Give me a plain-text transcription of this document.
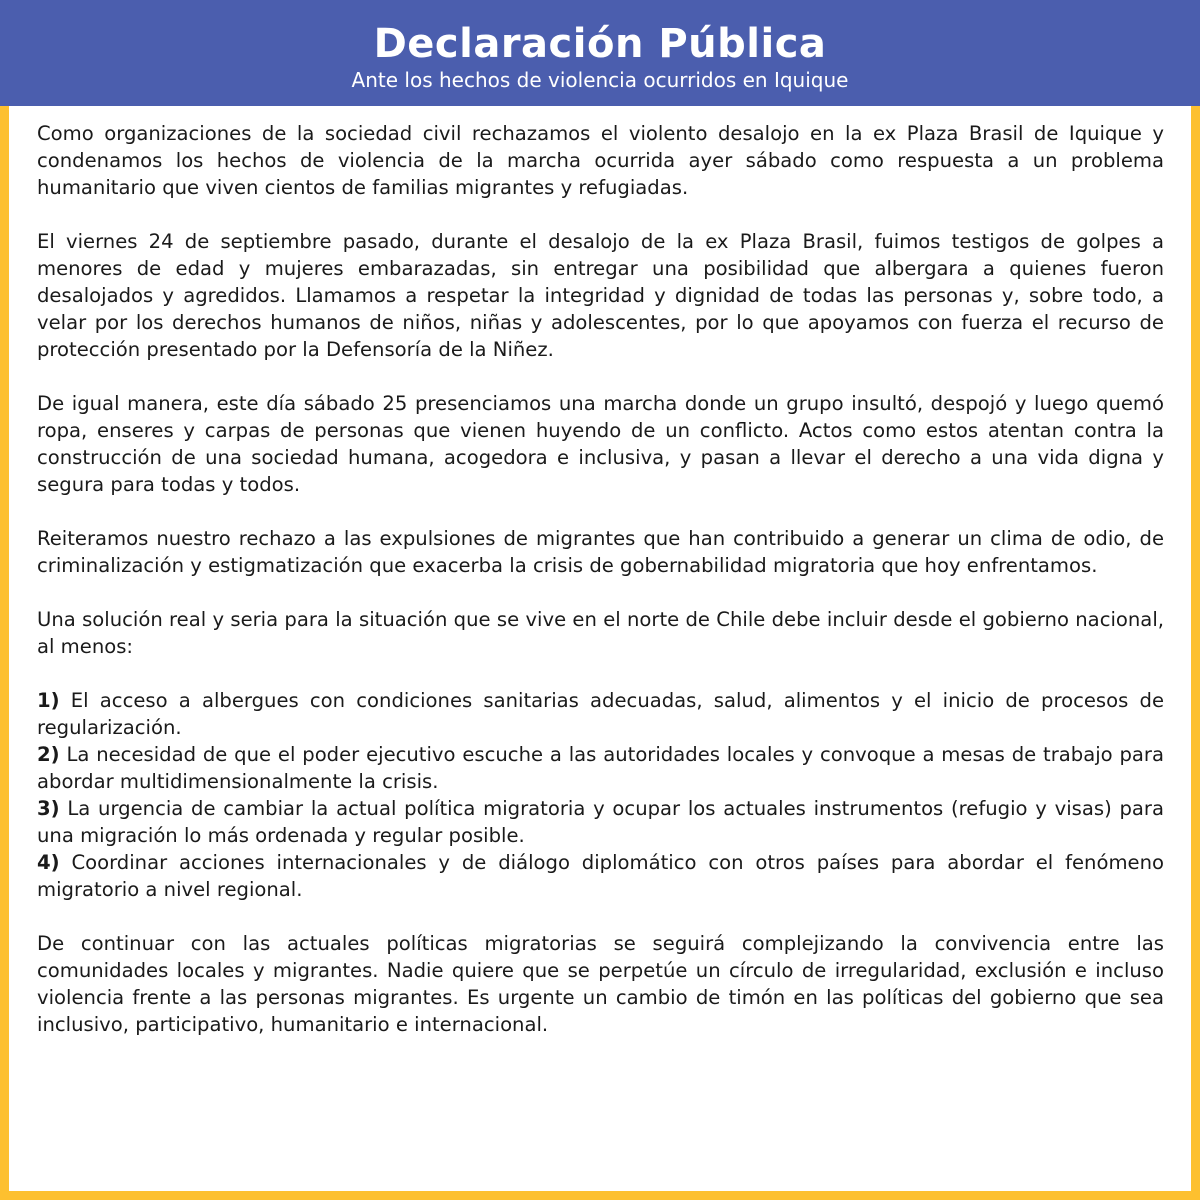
Declaración Pública
Ante los hechos de violencia ocurridos en Iquique

Como organizaciones de la sociedad civil rechazamos el violento desalojo en la ex Plaza Brasil de Iquique y condenamos los hechos de violencia de la marcha ocurrida ayer sábado como respuesta a un problema humanitario que viven cientos de familias migrantes y refugiadas.

El viernes 24 de septiembre pasado, durante el desalojo de la ex Plaza Brasil, fuimos testigos de golpes a menores de edad y mujeres embarazadas, sin entregar una posibilidad que albergara a quienes fueron desalojados y agredidos. Llamamos a respetar la integridad y dignidad de todas las personas y, sobre todo, a velar por los derechos humanos de niños, niñas y adolescentes, por lo que apoyamos con fuerza el recurso de protección presentado por la Defensoría de la Niñez.

De igual manera, este día sábado 25 presenciamos una marcha donde un grupo insultó, despojó y luego quemó ropa, enseres y carpas de personas que vienen huyendo de un conflicto. Actos como estos atentan contra la construcción de una sociedad humana, acogedora e inclusiva, y pasan a llevar el derecho a una vida digna y segura para todas y todos.

Reiteramos nuestro rechazo a las expulsiones de migrantes que han contribuido a generar un clima de odio, de criminalización y estigmatización que exacerba la crisis de gobernabilidad migratoria que hoy enfrentamos.

Una solución real y seria para la situación que se vive en el norte de Chile debe incluir desde el gobierno nacional, al menos:

1) El acceso a albergues con condiciones sanitarias adecuadas, salud, alimentos y el inicio de procesos de regularización.
2) La necesidad de que el poder ejecutivo escuche a las autoridades locales y convoque a mesas de trabajo para abordar multidimensionalmente la crisis.
3) La urgencia de cambiar la actual política migratoria y ocupar los actuales instrumentos (refugio y visas) para una migración lo más ordenada y regular posible.
4) Coordinar acciones internacionales y de diálogo diplomático con otros países para abordar el fenómeno migratorio a nivel regional.

De continuar con las actuales políticas migratorias se seguirá complejizando la convivencia entre las comunidades locales y migrantes. Nadie quiere que se perpetúe un círculo de irregularidad, exclusión e incluso violencia frente a las personas migrantes. Es urgente un cambio de timón en las políticas del gobierno que sea inclusivo, participativo, humanitario e internacional.
